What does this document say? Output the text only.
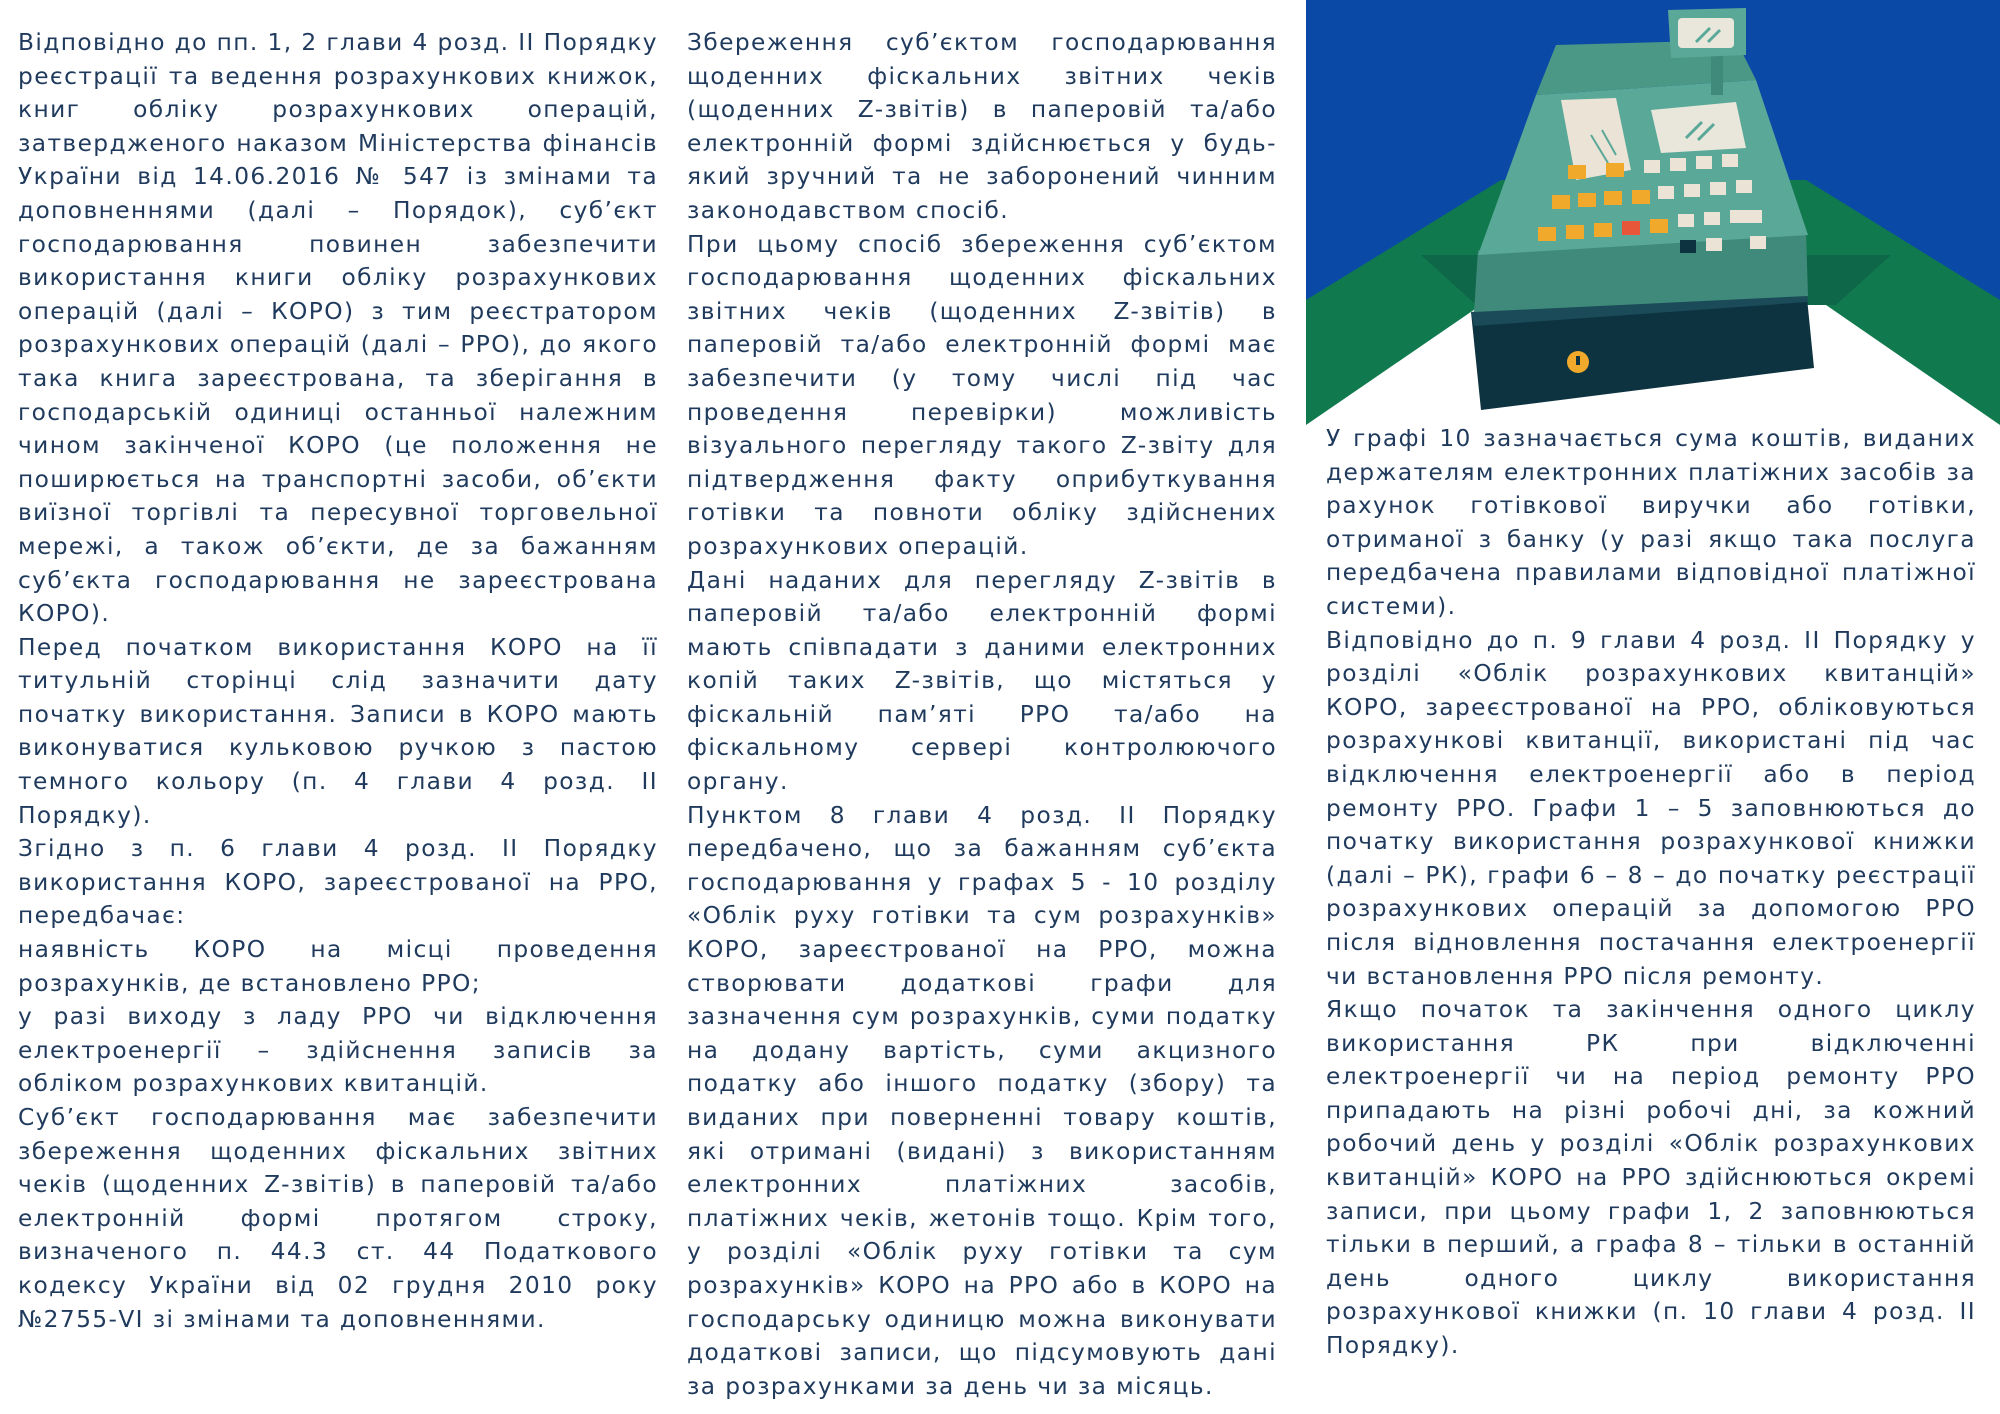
Відповідно до пп. 1, 2 глави 4 розд. ІІ Порядку реєстрації та ведення розрахункових книжок, книг обліку розрахункових операцій, затвердженого наказом Міністерства фінансів України від 14.06.2016 № 547 із змінами та доповненнями (далі – Порядок), суб’єкт господарювання повинен забезпечити використання книги обліку розрахункових операцій (далі – КОРО) з тим реєстратором розрахункових операцій (далі – РРО), до якого така книга зареєстрована, та зберігання в господарській одиниці останньої належним чином закінченої КОРО (це положення не поширюється на транспортні засоби, об’єкти виїзної торгівлі та пересувної торговельної мережі, а також об’єкти, де за бажанням суб’єкта господарювання не зареєстрована КОРО).

Перед початком використання КОРО на її титульній сторінці слід зазначити дату початку використання. Записи в КОРО мають виконуватися кульковою ручкою з пастою темного кольору (п. 4 глави 4 розд. ІІ Порядку).

Згідно з п. 6 глави 4 розд. ІІ Порядку використання КОРО, зареєстрованої на РРО, передбачає:

наявність КОРО на місці проведення розрахунків, де встановлено РРО;

у разі виходу з ладу РРО чи відключення електроенергії – здійснення записів за обліком розрахункових квитанцій.

Суб’єкт господарювання має забезпечити збереження щоденних фіскальних звітних чеків (щоденних Z-звітів) в паперовій та/або електронній формі протягом строку, визначеного п. 44.3 ст. 44 Податкового кодексу України від 02 грудня 2010 року №2755-VІ зі змінами та доповненнями.

Збереження суб’єктом господарювання щоденних фіскальних звітних чеків (щоденних Z-звітів) в паперовій та/або електронній формі здійснюється у будь-який зручний та не заборонений чинним законодавством спосіб.

При цьому спосіб збереження суб’єктом господарювання щоденних фіскальних звітних чеків (щоденних Z-звітів) в паперовій та/або електронній формі має забезпечити (у тому числі під час проведення перевірки) можливість візуального перегляду такого Z-звіту для підтвердження факту оприбуткування готівки та повноти обліку здійснених розрахункових операцій.

Дані наданих для перегляду Z-звітів в паперовій та/або електронній формі мають співпадати з даними електронних копій таких Z-звітів, що містяться у фіскальній пам’яті РРО та/або на фіскальному сервері контролюючого органу.

Пунктом 8 глави 4 розд. ІІ Порядку передбачено, що за бажанням суб’єкта господарювання у графах 5 - 10 розділу «Облік руху готівки та сум розрахунків» КОРО, зареєстрованої на РРО, можна створювати додаткові графи для зазначення сум розрахунків, суми податку на додану вартість, суми акцизного податку або іншого податку (збору) та виданих при поверненні товару коштів, які отримані (видані) з використанням електронних платіжних засобів, платіжних чеків, жетонів тощо. Крім того, у розділі «Облік руху готівки та сум розрахунків» КОРО на РРО або в КОРО на господарську одиницю можна виконувати додаткові записи, що підсумовують дані за розрахунками за день чи за місяць.

У графі 10 зазначається сума коштів, виданих держателям електронних платіжних засобів за рахунок готівкової виручки або готівки, отриманої з банку (у разі якщо така послуга передбачена правилами відповідної платіжної системи).

Відповідно до п. 9 глави 4 розд. ІІ Порядку у розділі «Облік розрахункових квитанцій» КОРО, зареєстрованої на РРО, обліковуються розрахункові квитанції, використані під час відключення електроенергії або в період ремонту РРО. Графи 1 – 5 заповнюються до початку використання розрахункової книжки (далі – РК), графи 6 – 8 – до початку реєстрації розрахункових операцій за допомогою РРО після відновлення постачання електроенергії чи встановлення РРО після ремонту.

Якщо початок та закінчення одного циклу використання РК при відключенні електроенергії чи на період ремонту РРО припадають на різні робочі дні, за кожний робочий день у розділі «Облік розрахункових квитанцій» КОРО на РРО здійснюються окремі записи, при цьому графи 1, 2 заповнюються тільки в перший, а графа 8 – тільки в останній день одного циклу використання розрахункової книжки (п. 10 глави 4 розд. ІІ Порядку).
